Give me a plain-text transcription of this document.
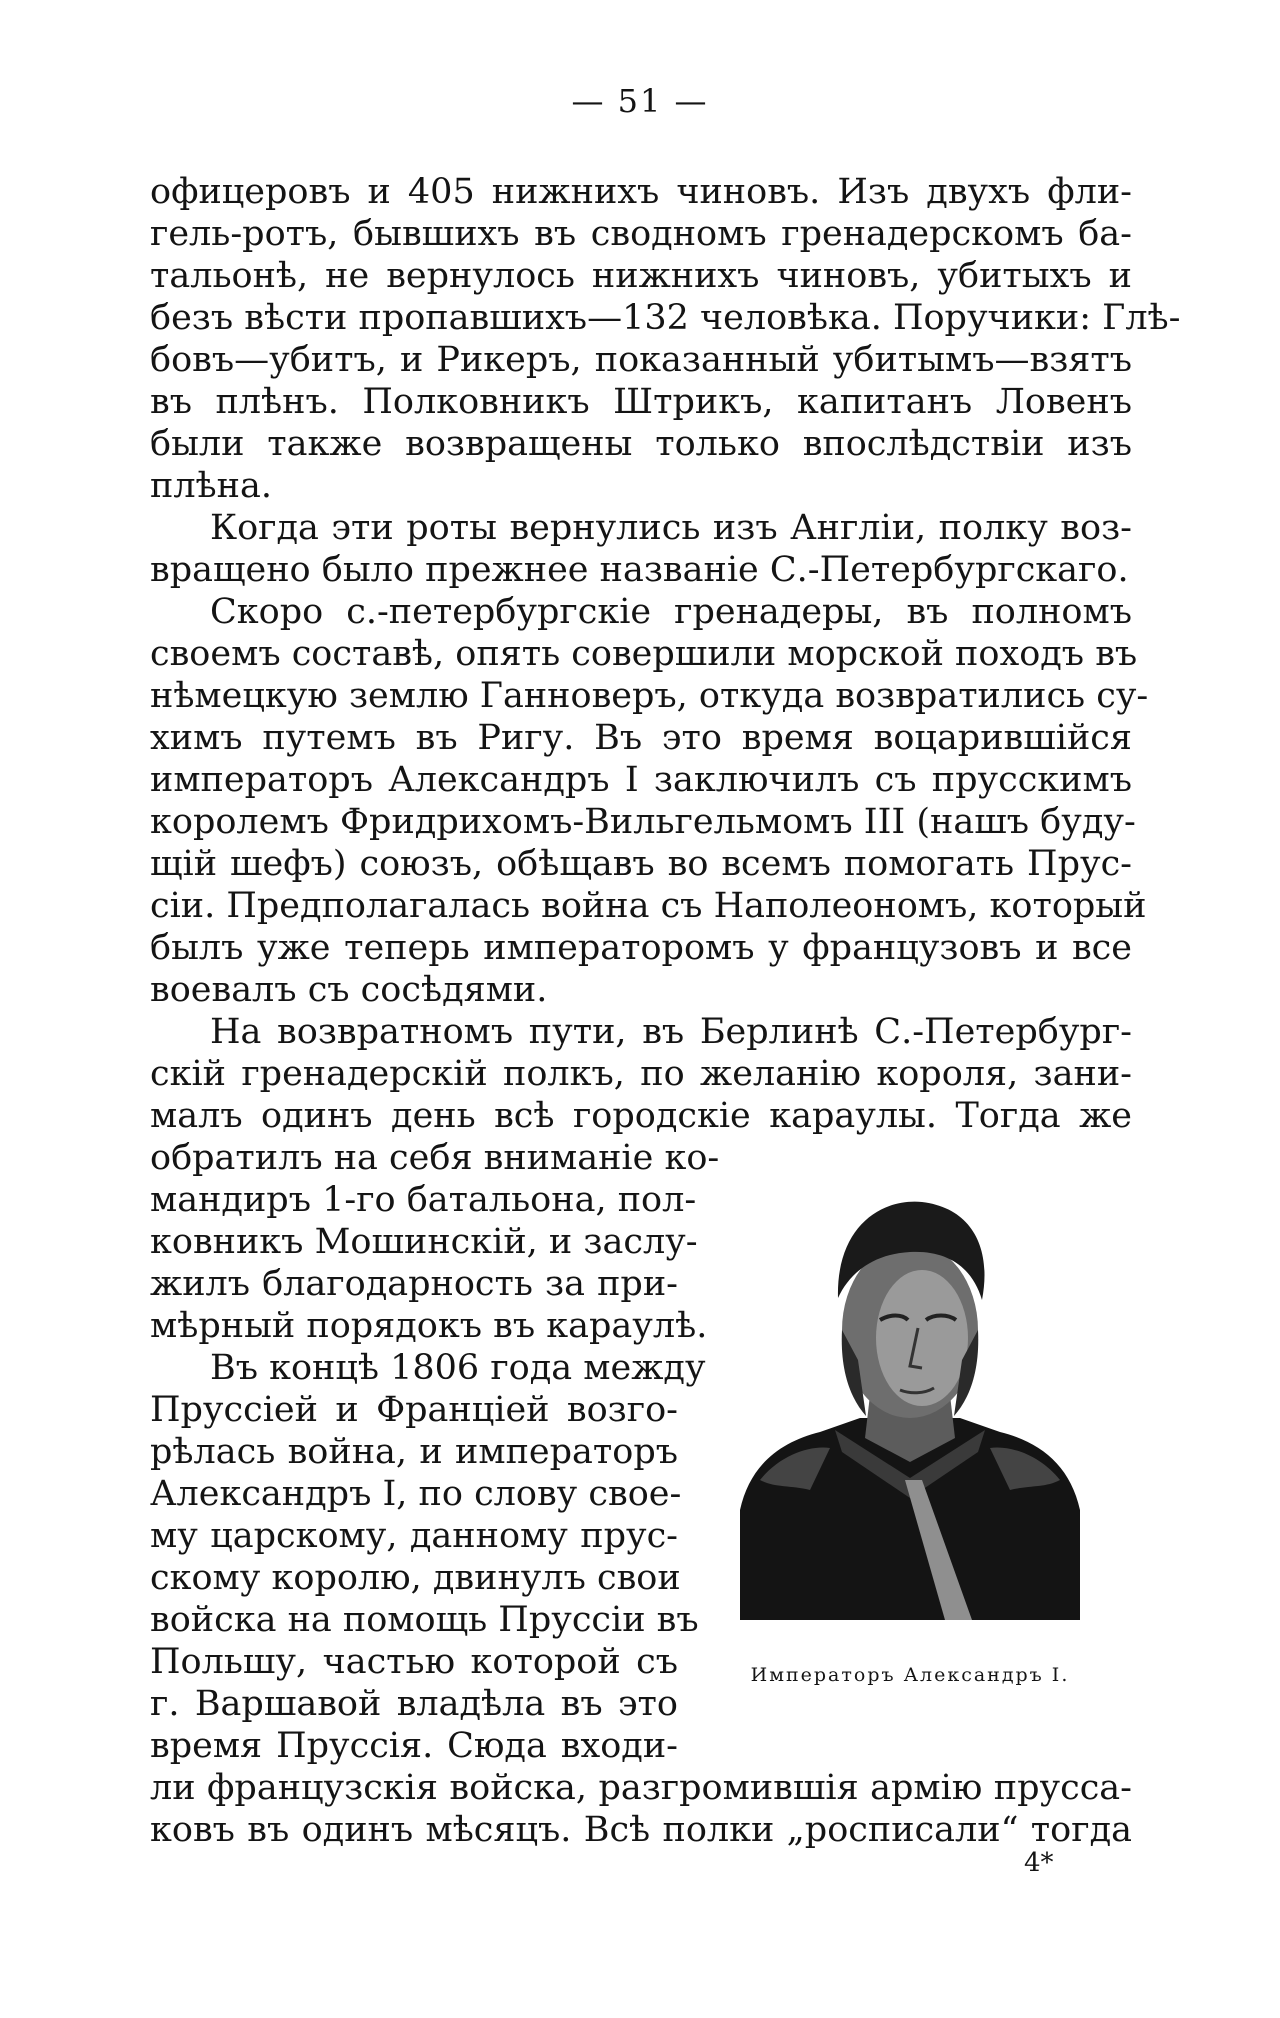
— 51 —
офицеровъ и 405 нижнихъ чиновъ. Изъ двухъ фли-
гель-ротъ, бывшихъ въ сводномъ гренадерскомъ ба-
тальонѣ, не вернулось нижнихъ чиновъ, убитыхъ и
безъ вѣсти пропавшихъ—132 человѣка. Поручики: Глѣ-
бовъ—убитъ, и Рикеръ, показанный убитымъ—взятъ
въ плѣнъ. Полковникъ Штрикъ, капитанъ Ловенъ
были также возвращены только впослѣдствіи изъ
плѣна.
Когда эти роты вернулись изъ Англіи, полку воз-
вращено было прежнее названіе С.-Петербургскаго.
Скоро с.-петербургскіе гренадеры, въ полномъ
своемъ составѣ, опять совершили морской походъ въ
нѣмецкую землю Ганноверъ, откуда возвратились су-
химъ путемъ въ Ригу. Въ это время воцарившійся
императоръ Александръ I заключилъ съ прусскимъ
королемъ Фридрихомъ-Вильгельмомъ III (нашъ буду-
щій шефъ) союзъ, обѣщавъ во всемъ помогать Прус-
сіи. Предполагалась война съ Наполеономъ, который
былъ уже теперь императоромъ у французовъ и все
воевалъ съ сосѣдями.
На возвратномъ пути, въ Берлинѣ С.-Петербург-
скій гренадерскій полкъ, по желанію короля, зани-
малъ одинъ день всѣ городскіе караулы. Тогда же
обратилъ на себя вниманіе ко-
мандиръ 1-го батальона, пол-
ковникъ Мошинскій, и заслу-
жилъ благодарность за при-
мѣрный порядокъ въ караулѣ.
Въ концѣ 1806 года между
Пруссіей и Франціей возго-
рѣлась война, и императоръ
Александръ I, по слову свое-
му царскому, данному прус-
скому королю, двинулъ свои
войска на помощь Пруссіи въ
Польшу, частью которой съ
г. Варшавой владѣла въ это
время Пруссія. Сюда входи-
ли французскія войска, разгромившія армію прусса-
ковъ въ одинъ мѣсяцъ. Всѣ полки „росписали“ тогда
Императоръ Александръ I.
4*
